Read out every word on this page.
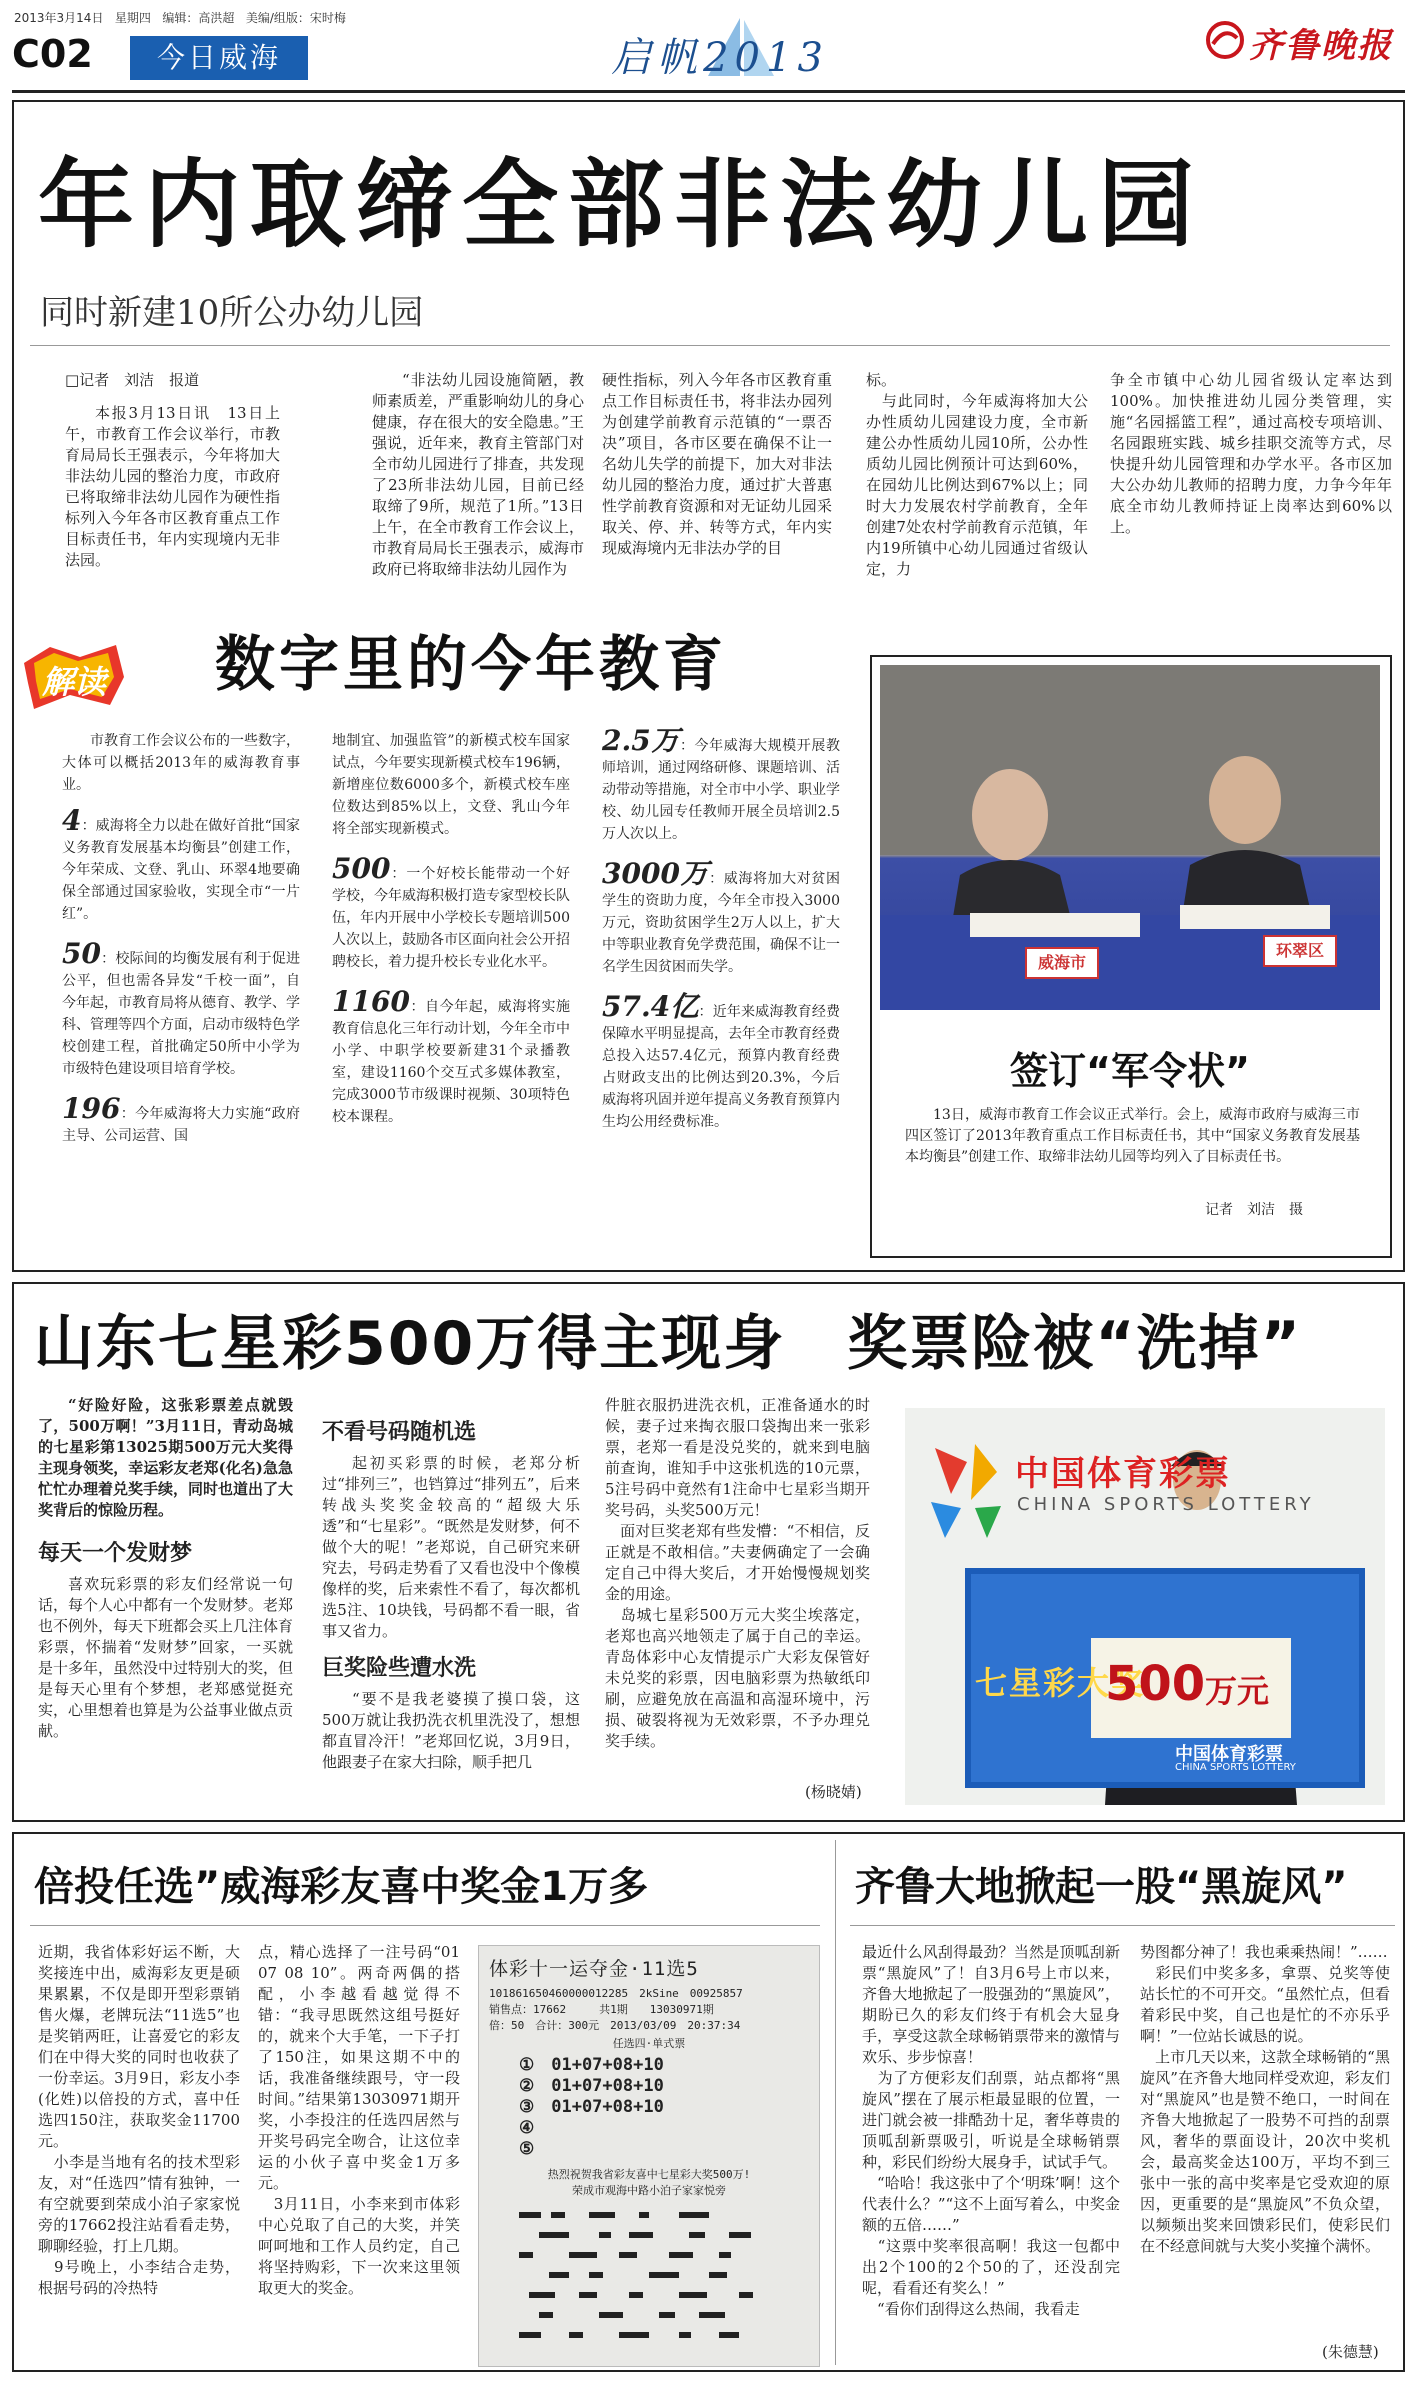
2013年3月14日 星期四 编辑：高洪超 美编/组版：宋时梅
C02	今日威海	启帆2013	齐鲁晚报
年内取缔全部非法幼儿园
同时新建10所公办幼儿园
□记者　刘洁　报道
本报3月13日讯　13日上午，市教育工作会议举行，市教育局局长王强表示，今年将加大非法幼儿园的整治力度，市政府已将取缔非法幼儿园作为硬性指标列入今年各市区教育重点工作目标责任书，年内实现境内无非法园。
“非法幼儿园设施简陋，教师素质差，严重影响幼儿的身心健康，存在很大的安全隐患。”王强说，近年来，教育主管部门对全市幼儿园进行了排查，共发现了23所非法幼儿园，目前已经取缔了9所，规范了1所。”13日上午，在全市教育工作会议上，市教育局局长王强表示，威海市政府已将取缔非法幼儿园作为
硬性指标，列入今年各市区教育重点工作目标责任书，将非法办园列为创建学前教育示范镇的“一票否决”项目，各市区要在确保不让一名幼儿失学的前提下，加大对非法幼儿园的整治力度，通过扩大普惠性学前教育资源和对无证幼儿园采取关、停、并、转等方式，年内实现威海境内无非法办学的目
标。
　与此同时，今年威海将加大公办性质幼儿园建设力度，全市新建公办性质幼儿园10所，公办性质幼儿园比例预计可达到60%，在园幼儿比例达到67%以上；同时大力发展农村学前教育，全年创建7处农村学前教育示范镇，年内19所镇中心幼儿园通过省级认定，力
争全市镇中心幼儿园省级认定率达到100%。加快推进幼儿园分类管理，实施“名园摇篮工程”，通过高校专项培训、名园跟班实践、城乡挂职交流等方式，尽快提升幼儿园管理和办学水平。各市区加大公办幼儿教师的招聘力度，力争今年年底全市幼儿教师持证上岗率达到60%以上。
解读	数字里的今年教育
市教育工作会议公布的一些数字，大体可以概括2013年的威海教育事业。
4：威海将全力以赴在做好首批“国家义务教育发展基本均衡县”创建工作，今年荣成、文登、乳山、环翠4地要确保全部通过国家验收，实现全市“一片红”。
50：校际间的均衡发展有利于促进公平，但也需各异发“千校一面”，自今年起，市教育局将从德育、教学、学科、管理等四个方面，启动市级特色学校创建工程，首批确定50所中小学为市级特色建设项目培育学校。
196：今年威海将大力实施“政府主导、公司运营、国
地制宜、加强监管”的新模式校车国家试点，今年要实现新模式校车196辆，新增座位数6000多个，新模式校车座位数达到85%以上，文登、乳山今年将全部实现新模式。
500：一个好校长能带动一个好学校，今年威海积极打造专家型校长队伍，年内开展中小学校长专题培训500人次以上，鼓励各市区面向社会公开招聘校长，着力提升校长专业化水平。
1160：自今年起，威海将实施教育信息化三年行动计划，今年全市中小学、中职学校要新建31个录播教室，建设1160个交互式多媒体教室，完成3000节市级课时视频、30项特色校本课程。
2.5万：今年威海大规模开展教师培训，通过网络研修、课题培训、活动带动等措施，对全市中小学、职业学校、幼儿园专任教师开展全员培训2.5万人次以上。
3000万：威海将加大对贫困学生的资助力度，今年全市投入3000万元，资助贫困学生2万人以上，扩大中等职业教育免学费范围，确保不让一名学生因贫困而失学。
57.4亿：近年来威海教育经费保障水平明显提高，去年全市教育经费总投入达57.4亿元，预算内教育经费占财政支出的比例达到20.3%，今后威海将巩固并逆年提高义务教育预算内生均公用经费标准。
威海市
环翠区
签订“军令状”
13日，威海市教育工作会议正式举行。会上，威海市政府与威海三市四区签订了2013年教育重点工作目标责任书，其中“国家义务教育发展基本均衡县”创建工作、取缔非法幼儿园等均列入了目标责任书。
记者　刘洁　摄
山东七星彩500万得主现身　奖票险被“洗掉”
“好险好险，这张彩票差点就毁了，500万啊！”3月11日，青动岛城的七星彩第13025期500万元大奖得主现身领奖，幸运彩友老郑(化名)急急忙忙办理着兑奖手续，同时也道出了大奖背后的惊险历程。
每天一个发财梦
喜欢玩彩票的彩友们经常说一句话，每个人心中都有一个发财梦。老郑也不例外，每天下班都会买上几注体育彩票，怀揣着“发财梦”回家，一买就是十多年，虽然没中过特别大的奖，但是每天心里有个梦想，老郑感觉挺充实，心里想着也算是为公益事业做点贡献。
不看号码随机选
起初买彩票的时候，老郑分析过“排列三”，也铛算过“排列五”，后来转战头奖奖金较高的“超级大乐透”和“七星彩”。“既然是发财梦，何不做个大的呢！”老郑说，自己研究来研究去，号码走势看了又看也没中个像模像样的奖，后来索性不看了，每次都机选5注、10块钱，号码都不看一眼，省事又省力。
巨奖险些遭水洗
“要不是我老婆摸了摸口袋，这500万就让我扔洗衣机里洗没了，想想都直冒冷汗！”老郑回忆说，3月9日，他跟妻子在家大扫除，顺手把几
件脏衣服扔进洗衣机，正准备通水的时候，妻子过来掏衣服口袋掏出来一张彩票，老郑一看是没兑奖的，就来到电脑前查询，谁知手中这张机选的10元票，5注号码中竟然有1注命中七星彩当期开奖号码，头奖500万元！
　面对巨奖老郑有些发懵：“不相信，反正就是不敢相信。”夫妻俩确定了一会确定自己中得大奖后，才开始慢慢规划奖金的用途。
　岛城七星彩500万元大奖尘埃落定，老郑也高兴地领走了属于自己的幸运。青岛体彩中心友情提示广大彩友保管好未兑奖的彩票，因电脑彩票为热敏纸印刷，应避免放在高温和高湿环境中，污损、破裂将视为无效彩票，不予办理兑奖手续。
(杨晓婧)
中国体育彩票
CHINA SPORTS LOTTERY
七星彩大奖
500 万元
中国体育彩票
CHINA SPORTS LOTTERY
倍投任选”威海彩友喜中奖金1万多
近期，我省体彩好运不断，大奖接连中出，威海彩友更是硕果累累，不仅是即开型彩票销售火爆，老牌玩法“11选5”也是奖销两旺，让喜爱它的彩友们在中得大奖的同时也收获了一份幸运。3月9日，彩友小李(化姓)以倍投的方式，喜中任选四150注，获取奖金11700元。
　小李是当地有名的技术型彩友，对“任选四”情有独钟，一有空就要到荣成小泊子家家悦旁的17662投注站看看走势，聊聊经验，打上几期。
　9号晚上，小李结合走势，根据号码的冷热特
点，精心选择了一注号码“01 07 08 10”。两奇两偶的搭配，小李越看越觉得不错：“我寻思既然这组号挺好的，就来个大手笔，一下子打了150注，如果这期不中的话，我准备继续跟号，守一段时间。”结果第13030971期开奖，小李投注的任选四居然与开奖号码完全吻合，让这位幸运的小伙子喜中奖金1万多元。
　3月11日，小李来到市体彩中心兑取了自己的大奖，并笑呵呵地和工作人员约定，自己将坚持购彩，下一次来这里领取更大的奖金。
体彩十一运夺金·11选5
101861650460000012285　2kSine　00925857
销售点：17662　　　共1期　　13030971期
倍：50　合计：300元　2013/03/09　20:37:34
任选四·单式票
①　01+07+08+10
②　01+07+08+10
③　01+07+08+10
④
⑤
热烈祝贺我省彩友喜中七星彩大奖500万!
荣成市观海中路小泊子家家悦旁
齐鲁大地掀起一股“黑旋风”
最近什么风刮得最劲？当然是顶呱刮新票“黑旋风”了！自3月6号上市以来，齐鲁大地掀起了一股强劲的“黑旋风”，期盼已久的彩友们终于有机会大显身手，享受这款全球畅销票带来的激情与欢乐、步步惊喜！
　为了方便彩友们刮票，站点都将“黑旋风”摆在了展示柜最显眼的位置，一进门就会被一排酷劲十足，奢华尊贵的顶呱刮新票吸引，听说是全球畅销票种，彩民们纷纷大展身手，试试手气。
　“哈哈！我这张中了个‘明珠’啊！这个代表什么？”“这不上面写着么，中奖金额的五倍……”
　“这票中奖率很高啊！我这一包都中出2个100的2个50的了，还没刮完呢，看看还有奖么！”
　“看你们刮得这么热闹，我看走
势图都分神了！我也乘乘热闹！”……
　彩民们中奖多多，拿票、兑奖等使站长忙的不可开交。“虽然忙点，但看着彩民中奖，自己也是忙的不亦乐乎啊！”一位站长诚恳的说。
　上市几天以来，这款全球畅销的“黑旋风”在齐鲁大地同样受欢迎，彩友们对“黑旋风”也是赞不绝口，一时间在齐鲁大地掀起了一股势不可挡的刮票风，奢华的票面设计，20次中奖机会，最高奖金达100万，平均不到三张中一张的高中奖率是它受欢迎的原因，更重要的是“黑旋风”不负众望，以频频出奖来回馈彩民们，使彩民们在不经意间就与大奖小奖撞个满怀。
(朱德慧)
